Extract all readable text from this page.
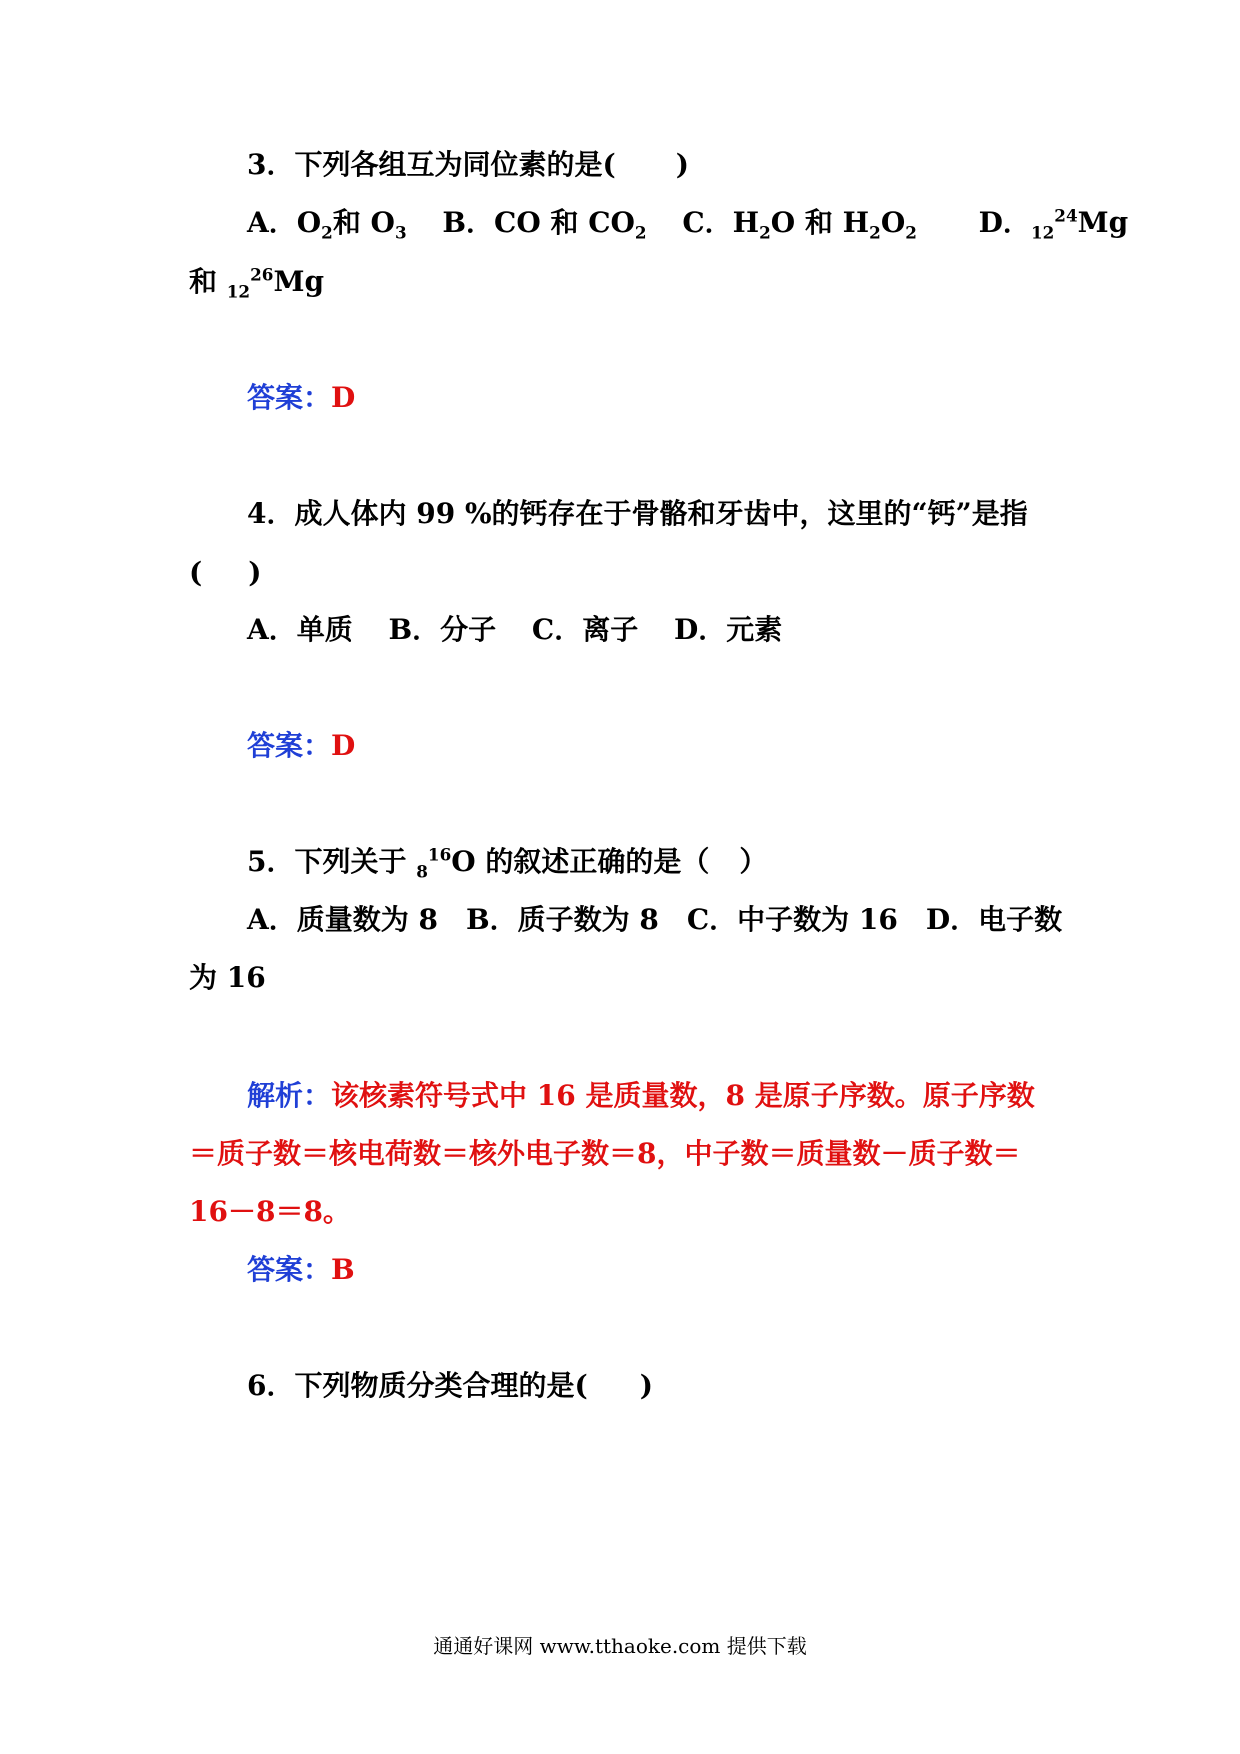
3．下列各组互为同位素的是( )
A．$O_2$和 $O_3$ B．CO 和 $CO_2$ C．$H_2O$ 和 $H_2O_2$ D．$_{12}^{24}$Mg
和 $_{12}^{26}$Mg
答案：D
4．成人体内 99 %的钙存在于骨骼和牙齿中，这里的“钙”是指
( )
A．单质 B．分子 C．离子 D．元素
答案：D
5．下列关于 $_8^{16}$O 的叙述正确的是（ ）
A．质量数为 8　B．质子数为 8　C．中子数为 16　D．电子数
为 16
解析：该核素符号式中 16 是质量数，8 是原子序数。原子序数
＝质子数＝核电荷数＝核外电子数＝8，中子数＝质量数－质子数＝
16－8＝8。
答案：B
6．下列物质分类合理的是( )
通通好课网 www.tthaoke.com 提供下载
